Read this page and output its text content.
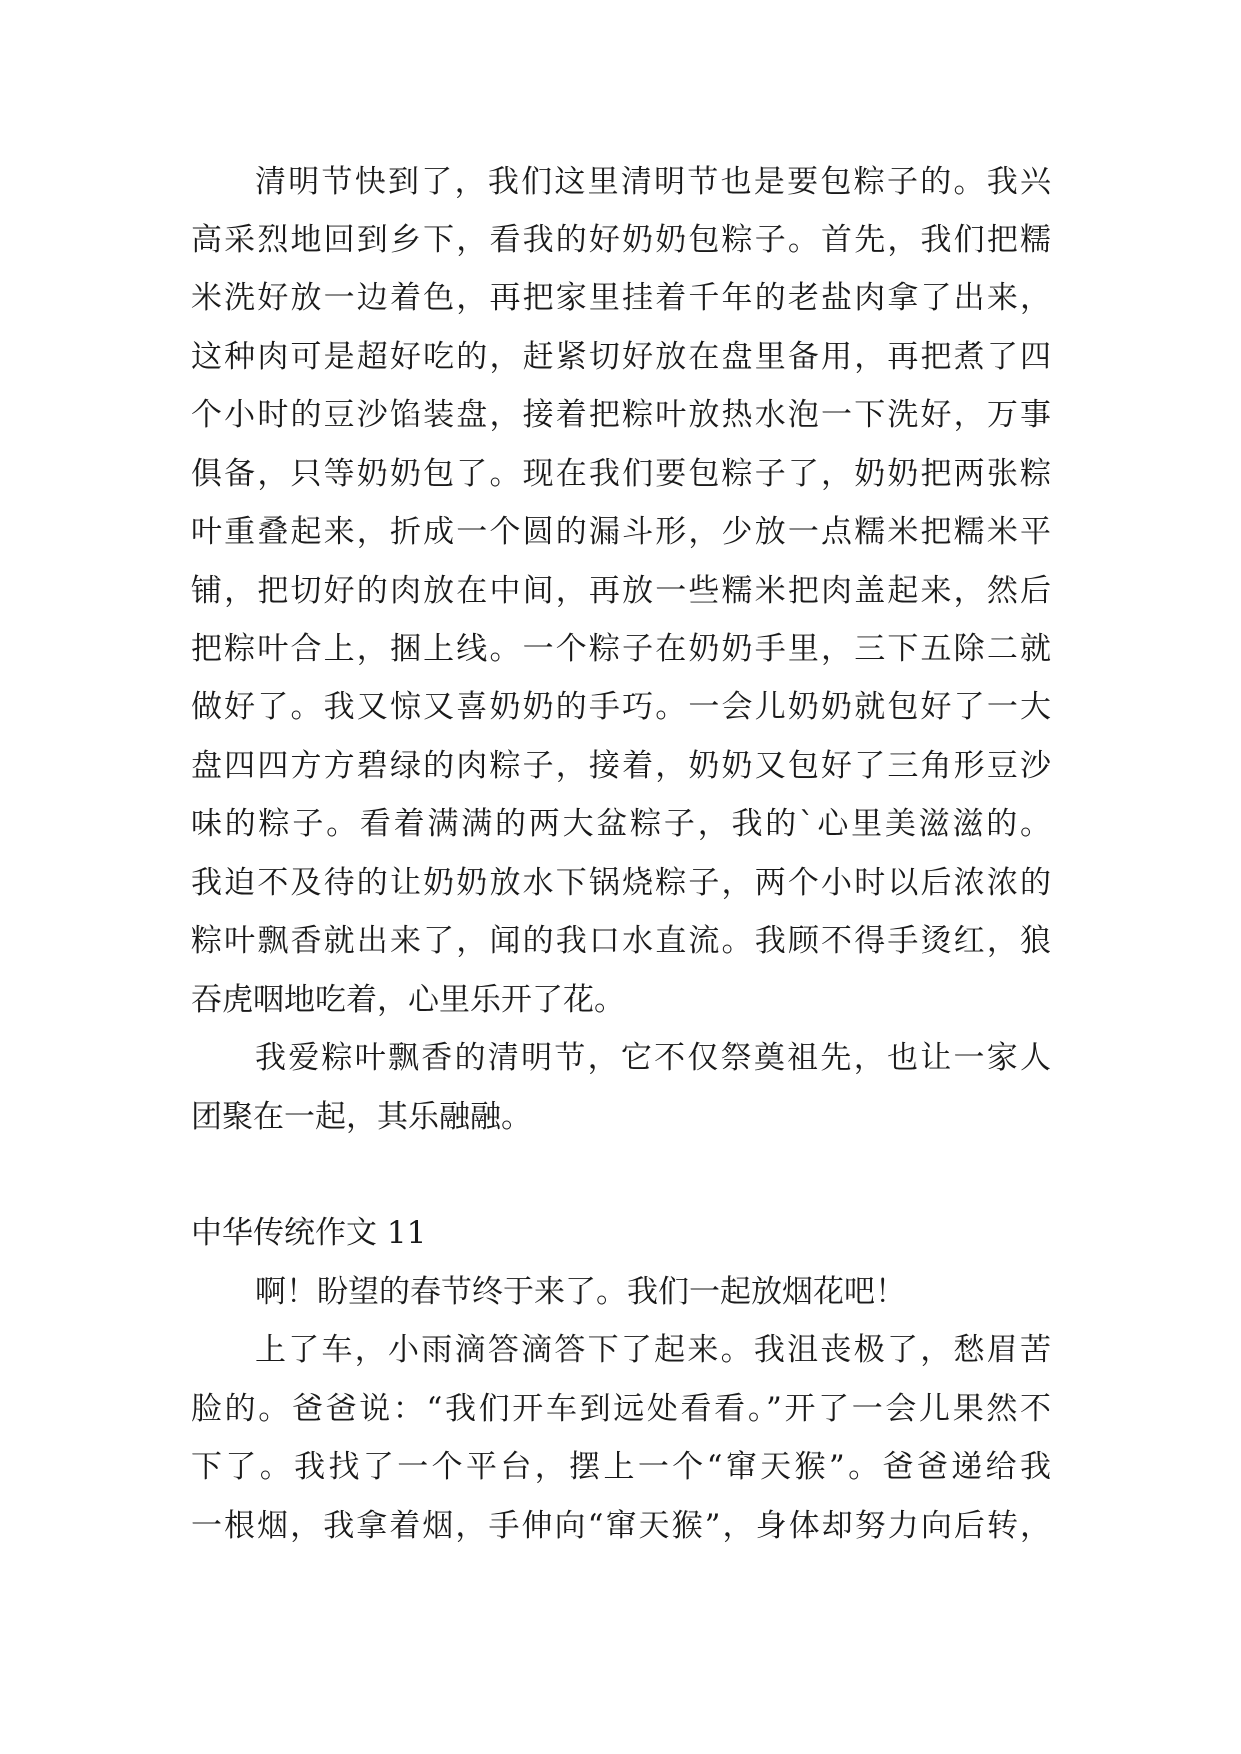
清明节快到了，我们这里清明节也是要包粽子的。我兴
高采烈地回到乡下，看我的好奶奶包粽子。首先，我们把糯
米洗好放一边着色，再把家里挂着千年的老盐肉拿了出来，
这种肉可是超好吃的，赶紧切好放在盘里备用，再把煮了四
个小时的豆沙馅装盘，接着把粽叶放热水泡一下洗好，万事
俱备，只等奶奶包了。现在我们要包粽子了，奶奶把两张粽
叶重叠起来，折成一个圆的漏斗形，少放一点糯米把糯米平
铺，把切好的肉放在中间，再放一些糯米把肉盖起来，然后
把粽叶合上，捆上线。一个粽子在奶奶手里，三下五除二就
做好了。我又惊又喜奶奶的手巧。一会儿奶奶就包好了一大
盘四四方方碧绿的肉粽子，接着，奶奶又包好了三角形豆沙
味的粽子。看着满满的两大盆粽子，我的`心里美滋滋的。
我迫不及待的让奶奶放水下锅烧粽子，两个小时以后浓浓的
粽叶飘香就出来了，闻的我口水直流。我顾不得手烫红，狼
吞虎咽地吃着，心里乐开了花。
我爱粽叶飘香的清明节，它不仅祭奠祖先，也让一家人
团聚在一起，其乐融融。
中华传统作文 11
啊！盼望的春节终于来了。我们一起放烟花吧！
上了车，小雨滴答滴答下了起来。我沮丧极了，愁眉苦
脸的。爸爸说：“我们开车到远处看看。”开了一会儿果然不
下了。我找了一个平台，摆上一个“窜天猴”。爸爸递给我
一根烟，我拿着烟，手伸向“窜天猴”，身体却努力向后转，
